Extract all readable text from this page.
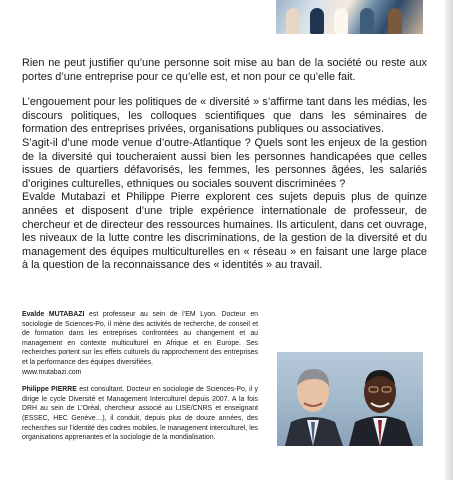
Rien ne peut justifier qu’une personne soit mise au ban de la société ou reste aux portes d’une entreprise pour ce qu’elle est, et non pour ce qu’elle fait.

L’engouement pour les politiques de « diversité » s’affirme tant dans les médias, les discours politiques, les colloques scientifiques que dans les séminaires de formation des entreprises privées, organisations publiques ou associatives.

S’agit-il d’une mode venue d’outre-Atlantique ? Quels sont les enjeux de la gestion de la diversité qui toucheraient aussi bien les personnes handicapées que celles issues de quartiers défavorisés, les femmes, les personnes âgées, les salariés d’origines culturelles, ethniques ou sociales souvent discriminées ?

Evalde Mutabazi et Philippe Pierre explorent ces sujets depuis plus de quinze années et disposent d’une triple expérience internationale de professeur, de chercheur et de directeur des ressources humaines. Ils articulent, dans cet ouvrage, les niveaux de la lutte contre les discriminations, de la gestion de la diversité et du management des équipes multiculturelles en « réseau » en faisant une large place à la question de la reconnaissance des « identités » au travail.

Evalde MUTABAZI est professeur au sein de l’EM Lyon. Docteur en sociologie de Sciences-Po, il mène des activités de recherche, de conseil et de formation dans les entreprises confrontées au changement et au management en contexte multiculturel en Afrique et en Europe. Ses recherches portent sur les effets culturels du rapprochement des entreprises et la performance des équipes diversifiées.
www.mutabazi.com

Philippe PIERRE est consultant. Docteur en sociologie de Sciences-Po, il y dirige le cycle Diversité et Management Interculturel depuis 2007. A la fois DRH au sein de L’Oréal, chercheur associé au LISE/CNRS et enseignant (ESSEC, HEC Genève…), il conduit, depuis plus de douze années, des recherches sur l’identité des cadres mobiles, le management interculturel, les organisations apprenantes et la sociologie de la mondialisation.
